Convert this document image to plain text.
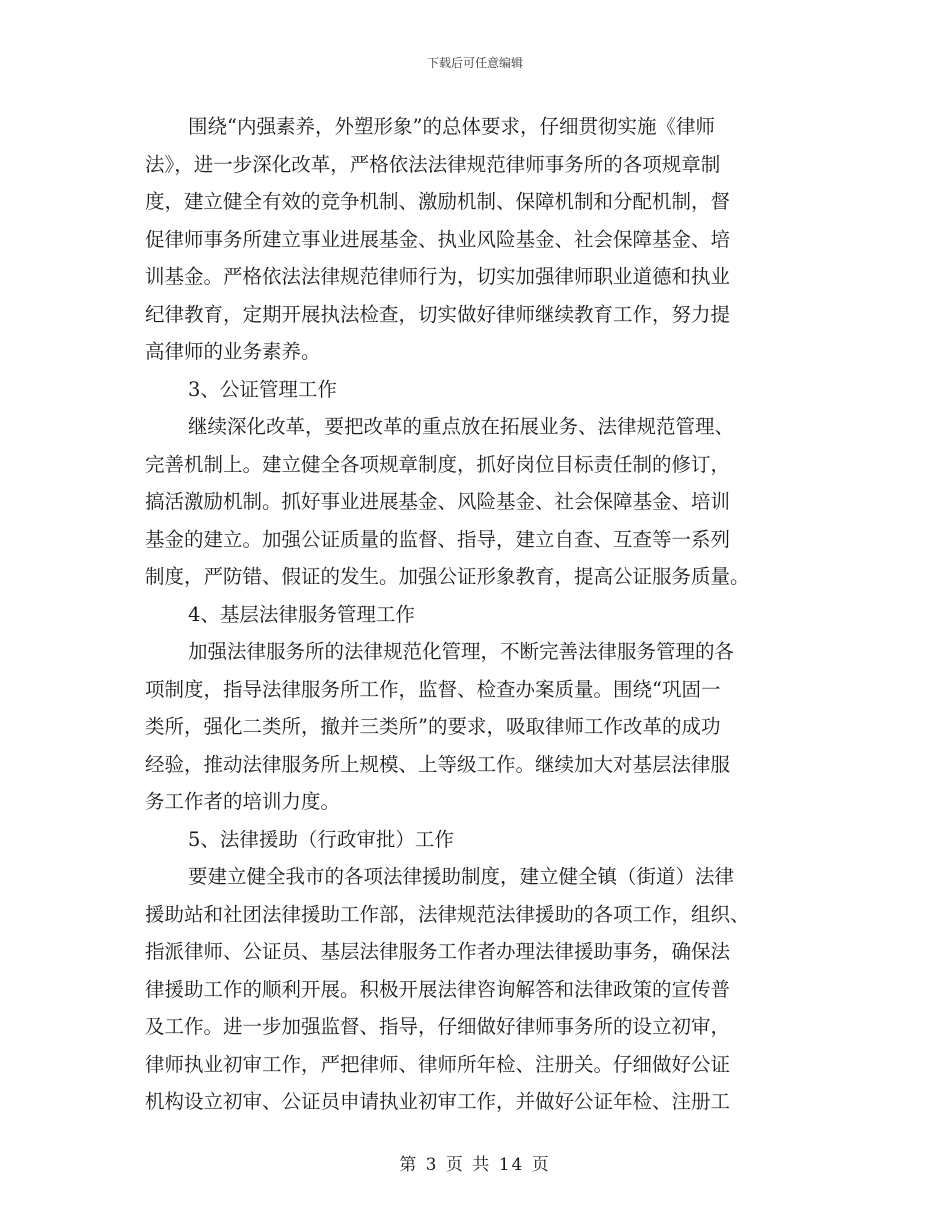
下载后可任意编辑
围绕“内强素养，外塑形象”的总体要求，仔细贯彻实施《律师
法》，进一步深化改革，严格依法法律规范律师事务所的各项规章制
度，建立健全有效的竞争机制、激励机制、保障机制和分配机制，督
促律师事务所建立事业进展基金、执业风险基金、社会保障基金、培
训基金。严格依法法律规范律师行为，切实加强律师职业道德和执业
纪律教育，定期开展执法检查，切实做好律师继续教育工作，努力提
高律师的业务素养。
3、公证管理工作
继续深化改革，要把改革的重点放在拓展业务、法律规范管理、
完善机制上。建立健全各项规章制度，抓好岗位目标责任制的修订，
搞活激励机制。抓好事业进展基金、风险基金、社会保障基金、培训
基金的建立。加强公证质量的监督、指导，建立自查、互查等一系列
制度，严防错、假证的发生。加强公证形象教育，提高公证服务质量。
4、基层法律服务管理工作
加强法律服务所的法律规范化管理，不断完善法律服务管理的各
项制度，指导法律服务所工作，监督、检查办案质量。围绕“巩固一
类所，强化二类所，撤并三类所”的要求，吸取律师工作改革的成功
经验，推动法律服务所上规模、上等级工作。继续加大对基层法律服
务工作者的培训力度。
5、法律援助（行政审批）工作
要建立健全我市的各项法律援助制度，建立健全镇（街道）法律
援助站和社团法律援助工作部，法律规范法律援助的各项工作，组织、
指派律师、公证员、基层法律服务工作者办理法律援助事务，确保法
律援助工作的顺利开展。积极开展法律咨询解答和法律政策的宣传普
及工作。进一步加强监督、指导，仔细做好律师事务所的设立初审，
律师执业初审工作，严把律师、律师所年检、注册关。仔细做好公证
机构设立初审、公证员申请执业初审工作，并做好公证年检、注册工
第 3 页 共 14 页
